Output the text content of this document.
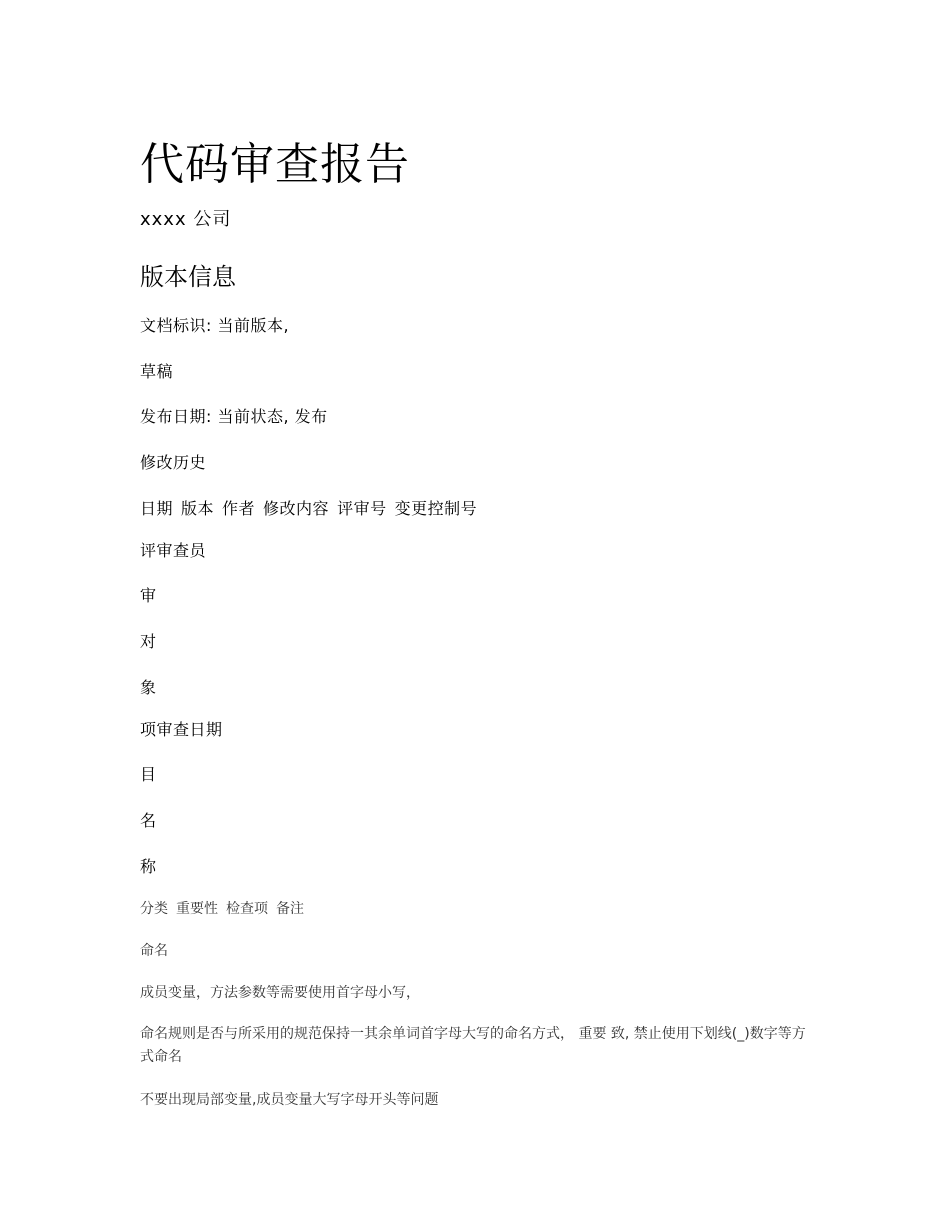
代码审查报告
xxxx 公司
版本信息
文档标识: 当前版本,
草稿
发布日期: 当前状态, 发布
修改历史
日期 版本 作者 修改内容 评审号 变更控制号
评审查员
审
对
象
项审查日期
目
名
称
分类 重要性 检查项 备注
命名
成员变量，方法参数等需要使用首字母小写，
命名规则是否与所采用的规范保持一其余单词首字母大写的命名方式， 重要 致, 禁止使用下划线(_)数字等方式命名
不要出现局部变量,成员变量大写字母开头等问题
